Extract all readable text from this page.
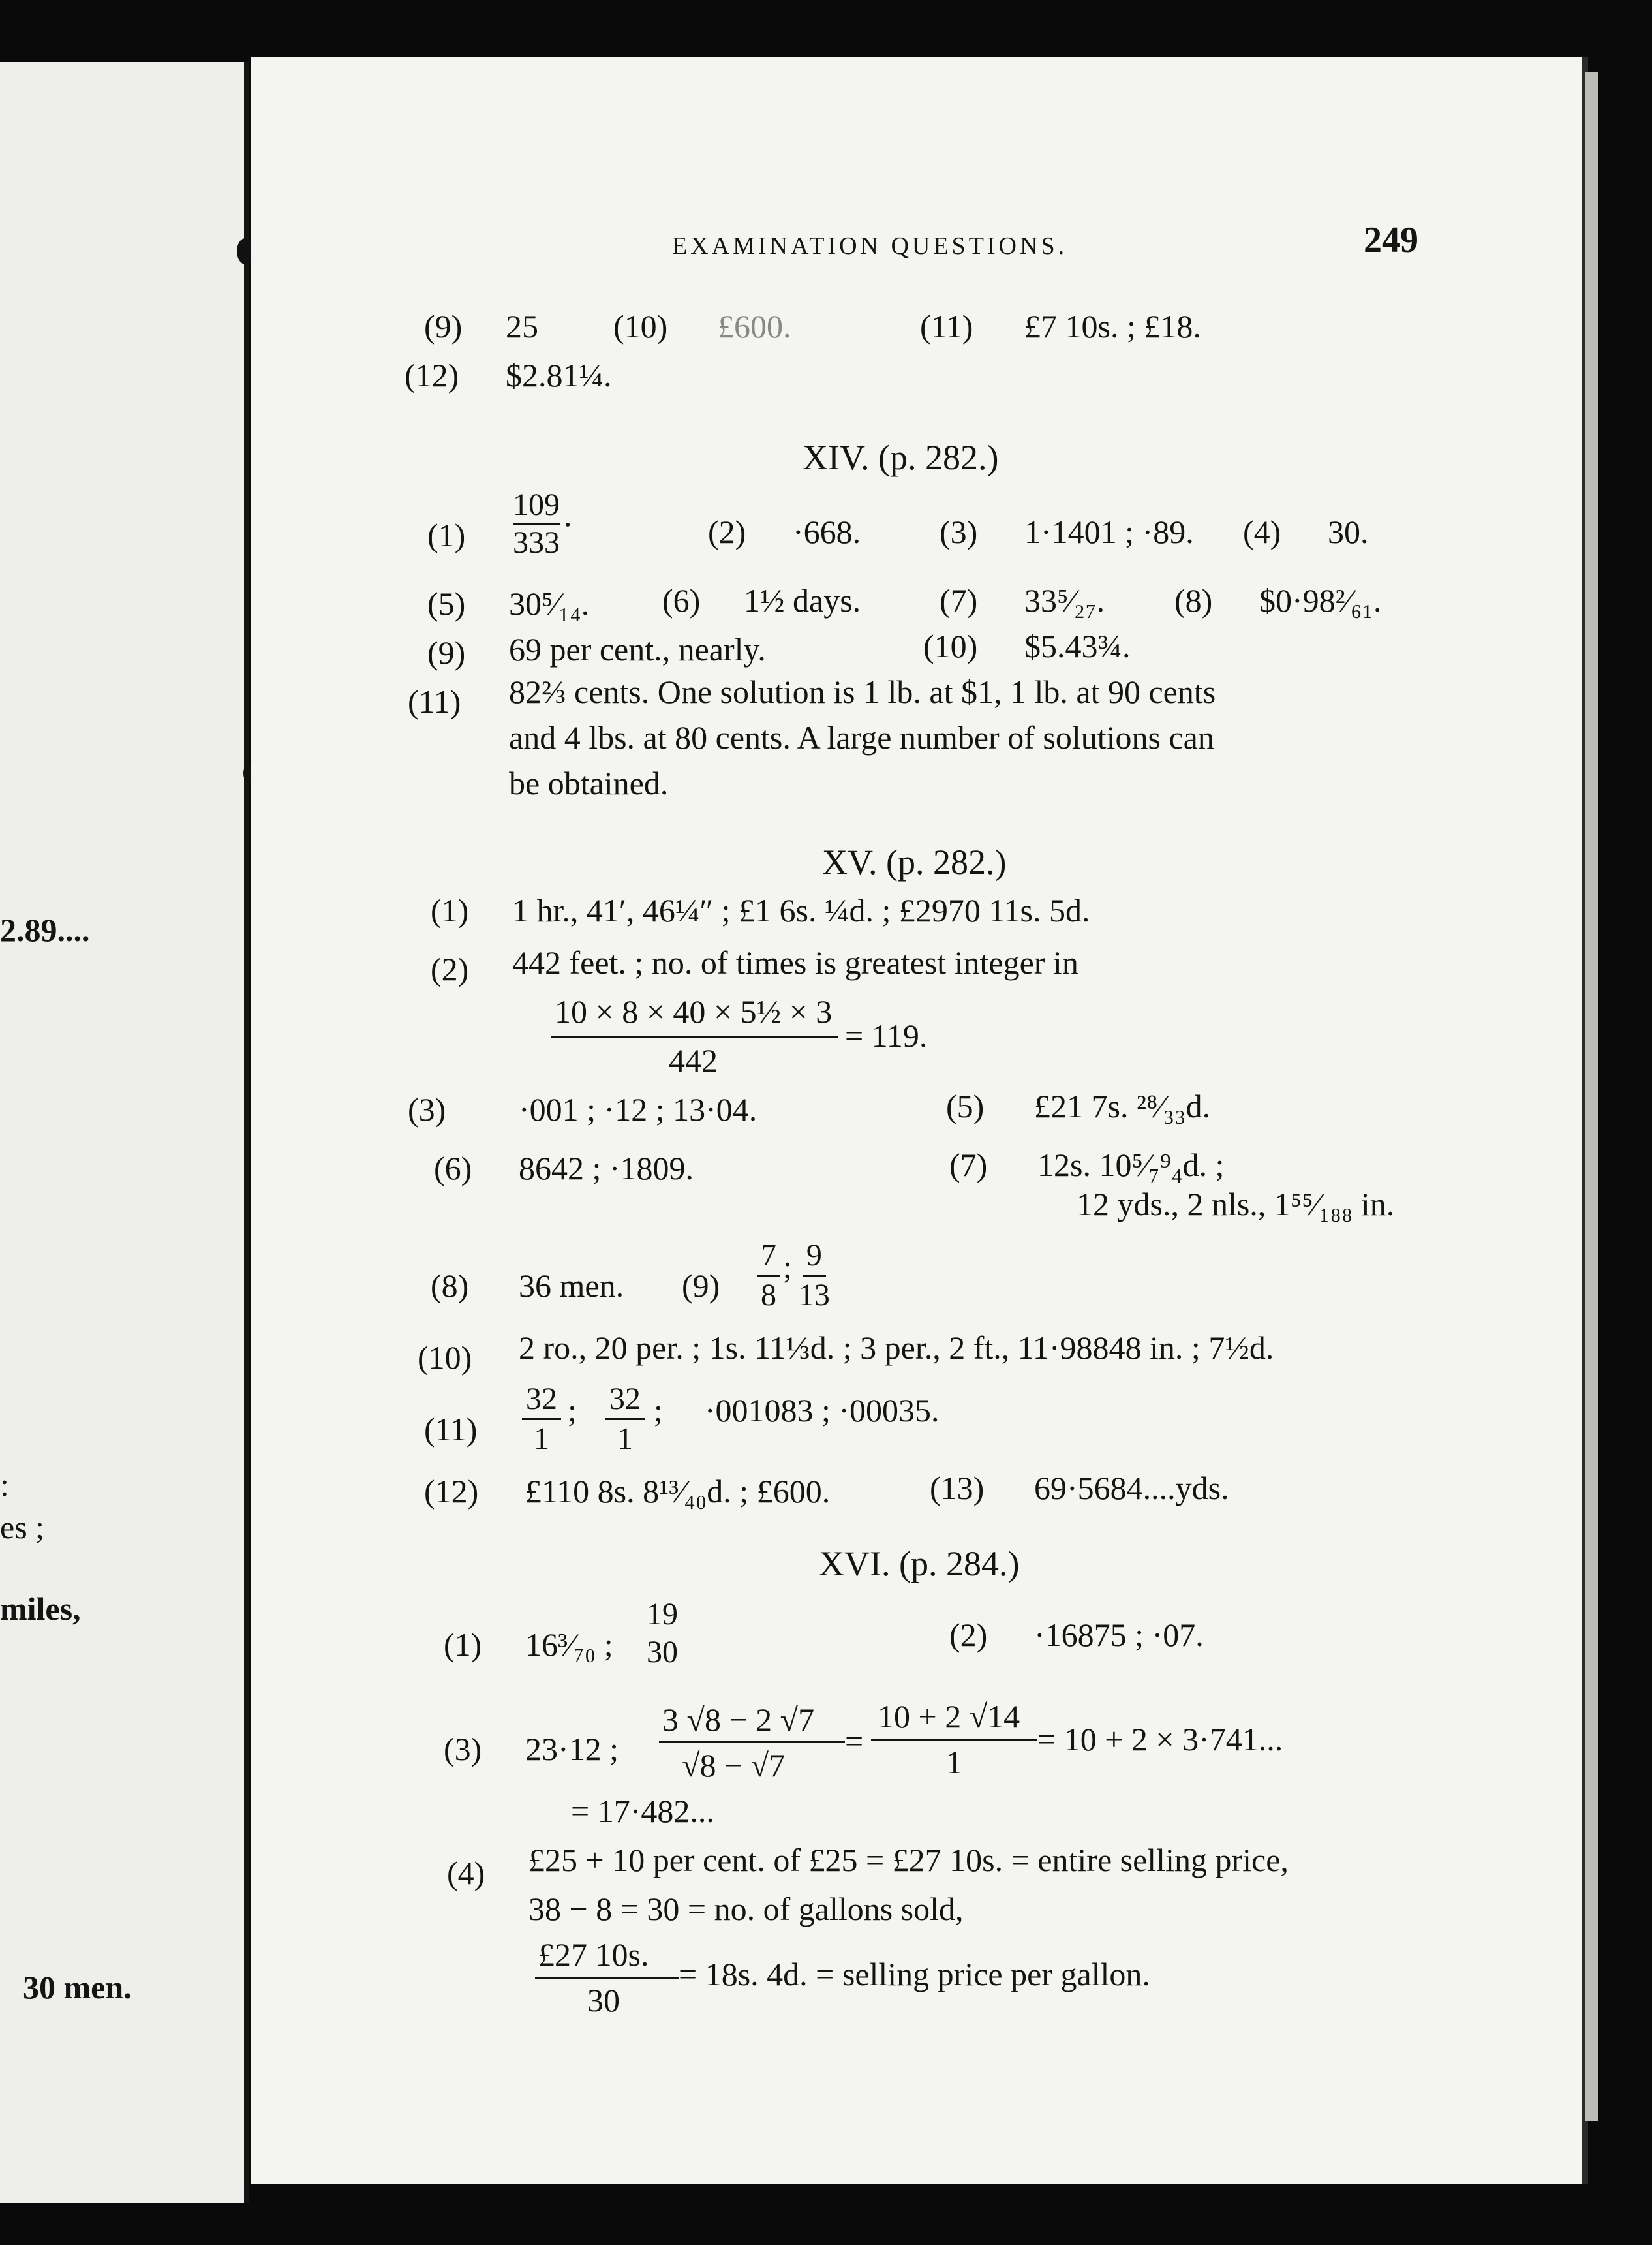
2.89....
:
es ;
miles,
30 men.
EXAMINATION QUESTIONS.	249
(9) 25 (10) £600.	(11) £7 10s. ; £18.
(12) $2.81¼.
XIV. (p. 282.)
$(1) \frac{109}{333}$ .	(2) ·668. (3) 1·1401 ; ·89. (4) 30.
(5) 30⁵⁄₁₄. (6) 1½ days. (7) 33⁵⁄₂₇. (8) $0·98²⁄₆₁.
(9) 69 per cent., nearly.	(10) $5.43¾.
(11) 82⅔ cents. One solution is 1 lb. at $1, 1 lb. at 90 cents
and 4 lbs. at 80 cents. A large number of solutions can
be obtained.
XV. (p. 282.)
(1) 1 hr., 41′, 46¼″ ; £1 6s. ¼d. ; £2970 11s. 5d.
(2) 442 feet. ; no. of times is greatest integer in
10 × 8 × 40 × 5½ × 3
442
= 119.
(3) ·001 ; ·12 ; 13·04.	(5) £21 7s. ²⁸⁄₃₃d.
(6) 8642 ; ·1809.	(7) 12s. 10⁵⁄₇⁹₄d. ;
12 yds., 2 nls., 1⁵⁵⁄₁₈₈ in.
(8) 36 men. $(9) \frac{7}{8}$ ; $\frac{9}{13}$
(10) 2 ro., 20 per. ; 1s. 11⅓d. ; 3 per., 2 ft., 11·98848 in. ; 7½d.
$(11) \frac{32}{1}$ ; $\frac{32}{1}$ ; ·001083 ; ·00035.
(12) £110 8s. 8¹³⁄₄₀d. ; £600.	(13) 69·5684....yds.
XVI. (p. 284.)
(1) 16³⁄₇₀ ;
19
30	(2) ·16875 ; ·07.
(3) 23·12 ;
3 √8 − 2 √7
√8 − √7
=
10 + 2 √14
1
= 10 + 2 × 3·741...
= 17·482...
(4) £25 + 10 per cent. of £25 = £27 10s. = entire selling price,
38 − 8 = 30 = no. of gallons sold,
£27 10s.
30
= 18s. 4d. = selling price per gallon.
